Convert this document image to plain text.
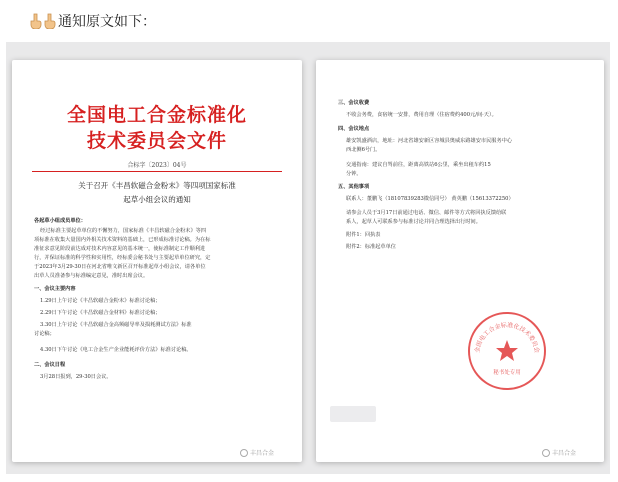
通知原文如下：
全国电工合金标准化
技术委员会文件
合标字〔2023〕04号
关于召开《丰昌软磁合金粉末》等四项国家标准
起草小组会议的通知
各起草小组成员单位：
经过标准主要起草单位的不懈努力，国家标准《丰昌软磁合金粉末》等四
项标准在收集大量国内外相关技术资料的基础上，已形成标准讨论稿。为在标
准征求意见阶段前达成对技术内容意见的基本统一，使标准制定工作顺利进
行，并保证标准的科学性和实用性，经标委会秘书处与主要起草单位研究，定
于2023年3月29-30日在河北省唯文新区召开标准起草小组会议，请各单位
出草人员准备参与标准编定意见，准时出席会议。
一、会议主要内容
1.29日上午讨论《丰昌软磁合金粉末》标准讨论稿；
2.29日下午讨论《丰昌软磁合金材料》标准讨论稿；
3.30日上午讨论《丰昌软磁合金高频磁导率及损耗测试方法》标准
讨论稿；
4.30日下午讨论《电工合金生产企业能耗评价方法》标准讨论稿。
二、会议日程
3月28日报到，29-30日会议。
丰昌合金
三、会议收费
不收会务费，食宿统一安排，费用自理（住宿费约400元/间·天）。
四、会议地点
雄安凯盛酒店，地址：河北省雄安新区容城县奥威东路雄安市民服务中心
西北侧6号门。
交通指南：建议自驾前往，距离高铁站6公里，乘坐出租车约15
分钟。
五、其他事项
联系人：董鹏飞（18107839283微信同号） 黄英鹏（15613372250）
请参会人员于3月17日前通过电话、微信、邮件等方式将回执反馈给联
系人，起草人可联系参与标准讨论并同合理选择出行时间。
附件1：回执表
附件2：标准起草单位
全国电工合金标准化技术委员会
秘书处专用
丰昌合金
